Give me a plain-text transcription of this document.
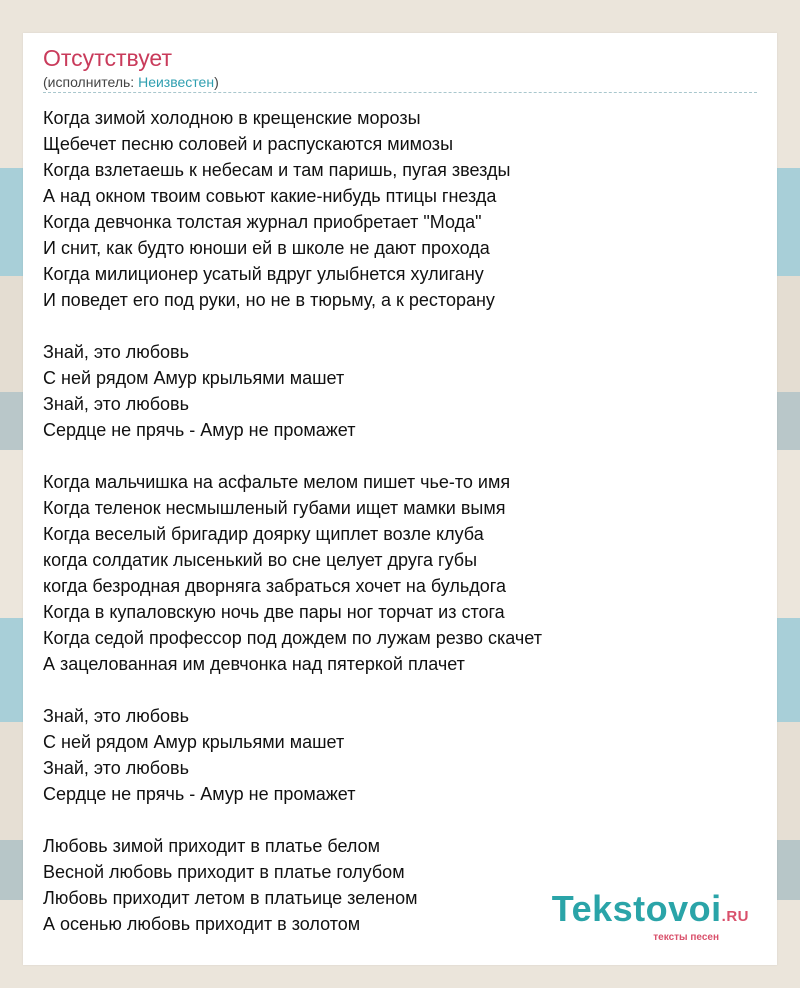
Отсутствует
(исполнитель: Неизвестен)
Когда зимой холодною в крещенские морозы
Щебечет песню соловей и распускаются мимозы
Когда взлетаешь к небесам и там паришь, пугая звезды
А над окном твоим совьют какие-нибудь птицы гнезда
Когда девчонка толстая журнал приобретает "Мода"
И снит, как будто юноши ей в школе не дают прохода
Когда милиционер усатый вдруг улыбнется хулигану
И поведет его под руки, но не в тюрьму, а к ресторану
Знай, это любовь
С ней рядом Амур крыльями машет
Знай, это любовь
Сердце не прячь - Амур не промажет
Когда мальчишка на асфальте мелом пишет чье-то имя
Когда теленок несмышленый губами ищет мамки вымя
Когда веселый бригадир доярку щиплет возле клуба
когда солдатик лысенький во сне целует друга губы
когда безродная дворняга забраться хочет на бульдога
Когда в купаловскую ночь две пары ног торчат из стога
Когда седой профессор под дождем по лужам резво скачет
А зацелованная им девчонка над пятеркой плачет
Знай, это любовь
С ней рядом Амур крыльями машет
Знай, это любовь
Сердце не прячь - Амур не промажет
Любовь зимой приходит в платье белом
Весной любовь приходит в платье голубом
Любовь приходит летом в платьице зеленом
А осенью любовь приходит в золотом	Tekstovoi.RU
тексты песен
